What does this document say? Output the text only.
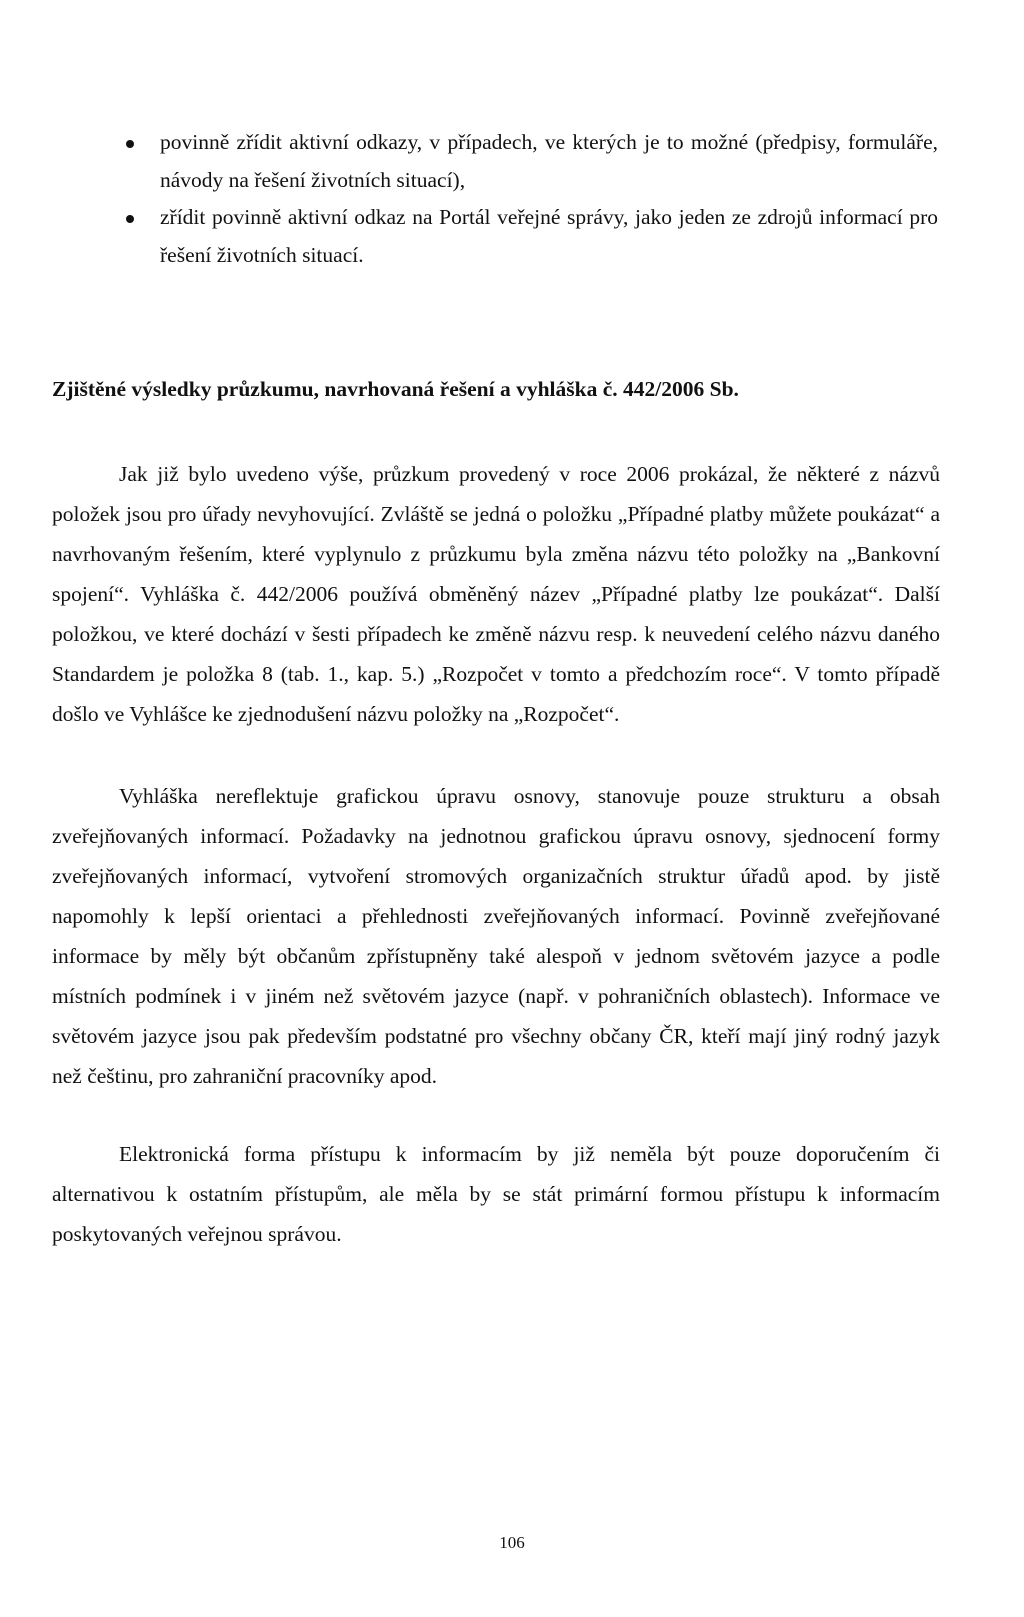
povinně zřídit aktivní odkazy, v případech, ve kterých je to možné (předpisy, formuláře, návody na řešení životních situací),
zřídit povinně aktivní odkaz na Portál veřejné správy, jako jeden ze zdrojů informací pro řešení životních situací.
Zjištěné výsledky průzkumu, navrhovaná řešení a vyhláška č. 442/2006 Sb.

Jak již bylo uvedeno výše, průzkum provedený v roce 2006 prokázal, že některé z názvů položek jsou pro úřady nevyhovující. Zvláště se jedná o položku „Případné platby můžete poukázat“ a navrhovaným řešením, které vyplynulo z průzkumu byla změna názvu této položky na „Bankovní spojení“. Vyhláška č. 442/2006 používá obměněný název „Případné platby lze poukázat“. Další položkou, ve které dochází v šesti případech ke změně názvu resp. k neuvedení celého názvu daného Standardem je položka 8 (tab. 1., kap. 5.) „Rozpočet v tomto a předchozím roce“. V tomto případě došlo ve Vyhlášce ke zjednodušení názvu položky na „Rozpočet“.

Vyhláška nereflektuje grafickou úpravu osnovy, stanovuje pouze strukturu a obsah zveřejňovaných informací. Požadavky na jednotnou grafickou úpravu osnovy, sjednocení formy zveřejňovaných informací, vytvoření stromových organizačních struktur úřadů apod. by jistě napomohly k lepší orientaci a přehlednosti zveřejňovaných informací. Povinně zveřejňované informace by měly být občanům zpřístupněny také alespoň v jednom světovém jazyce a podle místních podmínek i v jiném než světovém jazyce (např. v pohraničních oblastech). Informace ve světovém jazyce jsou pak především podstatné pro všechny občany ČR, kteří mají jiný rodný jazyk než češtinu, pro zahraniční pracovníky apod.

Elektronická forma přístupu k informacím by již neměla být pouze doporučením či alternativou k ostatním přístupům, ale měla by se stát primární formou přístupu k informacím poskytovaných veřejnou správou.

106
